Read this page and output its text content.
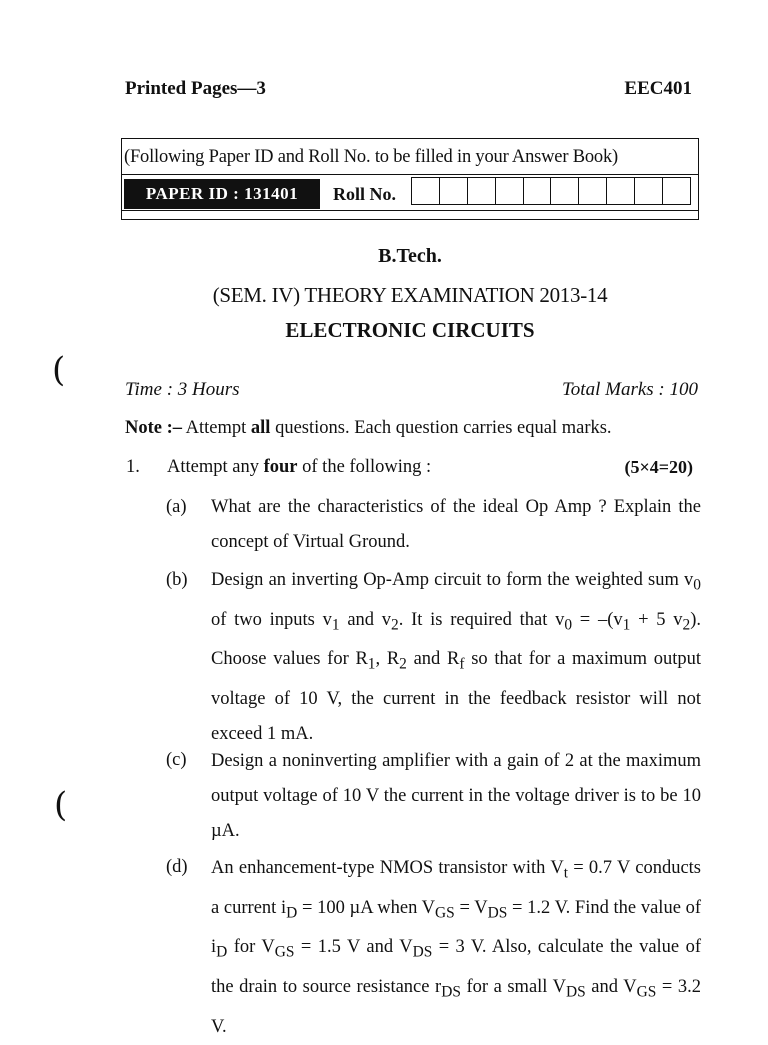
Printed Pages—3	EEC401
(Following Paper ID and Roll No. to be filled in your Answer Book)
PAPER ID : 131401	Roll No.
B.Tech.
(SEM. IV) THEORY EXAMINATION 2013-14
ELECTRONIC CIRCUITS
Time : 3 Hours	Total Marks : 100
Note :– Attempt all questions. Each question carries equal marks.
1. Attempt any four of the following :	(5×4=20)
(a) What are the characteristics of the ideal Op Amp ? Explain the concept of Virtual Ground.
(b) Design an inverting Op-Amp circuit to form the weighted sum $v_0$ of two inputs $v_1$ and $v_2$. It is required that $v_0 = -(v_1 + 5$ $v_2$). Choose values for $R_1$, $R_2$ and $R_f$ so that for a maximum output voltage of 10 V, the current in the feedback resistor will not exceed 1 mA.
(c) Design a noninverting amplifier with a gain of 2 at the maximum output voltage of 10 V the current in the voltage driver is to be 10 µA.
(d) An enhancement-type NMOS transistor with $V_t = 0.7$ V conducts a current $i_D = 100$ µA when $V_{GS} = V_{DS} = 1.2$ V. Find the value of $i_D$ for $V_{GS} = 1.5$ V and $V_{DS} = 3$ V. Also, calculate the value of the drain to source resistance $r_{DS}$ for a small $V_{DS}$ and $V_{GS} = 3.2$ V.
(
(
